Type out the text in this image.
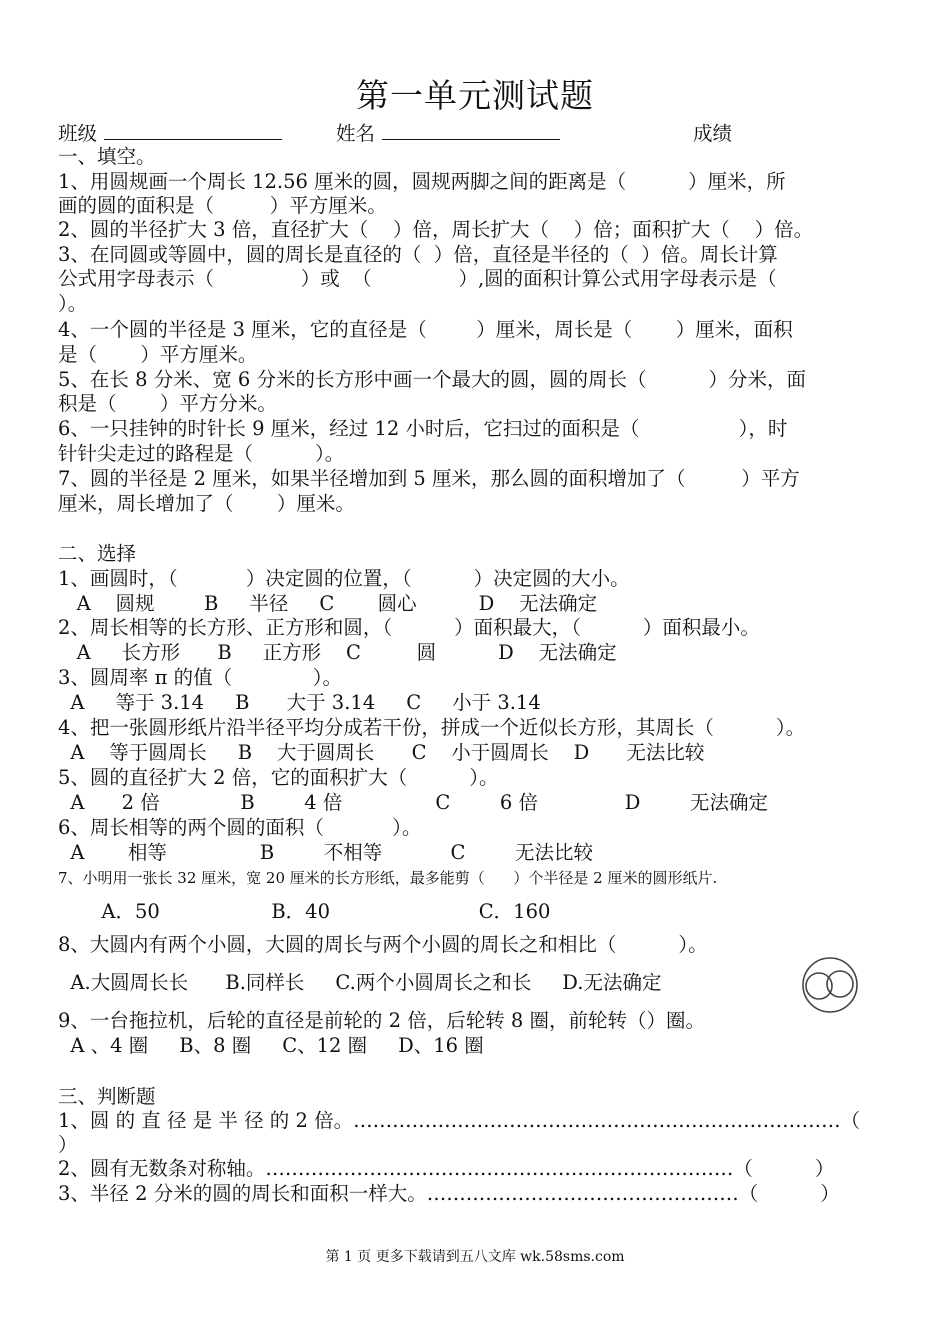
第一单元测试题
班级	姓名	成绩
一、填空。
1、用圆规画一个周长 12.56 厘米的圆，圆规两脚之间的距离是（          ）厘米，所
画的圆的面积是（         ）平方厘米。
2、圆的半径扩大 3 倍，直径扩大（    ）倍，周长扩大（    ）倍；面积扩大（    ）倍。
3、在同圆或等圆中，圆的周长是直径的（  ）倍，直径是半径的（  ）倍。周长计算
公式用字母表示（              ）或  （              ）,圆的面积计算公式用字母表示是（
）。
4、一个圆的半径是 3 厘米，它的直径是（        ）厘米，周长是（       ）厘米，面积
是（       ）平方厘米。
5、在长 8 分米、宽 6 分米的长方形中画一个最大的圆，圆的周长（          ）分米，面
积是（       ）平方分米。
6、一只挂钟的时针长 9 厘米，经过 12 小时后，它扫过的面积是（                ），时
针针尖走过的路程是（          ）。
7、圆的半径是 2 厘米，如果半径增加到 5 厘米，那么圆的面积增加了（         ）平方
厘米，周长增加了（       ）厘米。
二、选择
1、画圆时，（           ）决定圆的位置，（          ）决定圆的大小。
A    圆规        B     半径     C       圆心          D    无法确定
2、周长相等的长方形、正方形和圆，（          ）面积最大，（          ）面积最小。
A     长方形      B     正方形    C         圆          D    无法确定
3、圆周率 π 的值（             ）。
A     等于 3.14     B      大于 3.14     C     小于 3.14
4、把一张圆形纸片沿半径平均分成若干份，拼成一个近似长方形，其周长（          ）。
A    等于圆周长     B    大于圆周长      C    小于圆周长    D      无法比较
5、圆的直径扩大 2 倍，它的面积扩大（          ）。
A      2 倍             B        4 倍               C        6 倍              D        无法确定
6、周长相等的两个圆的面积（           ）。
A       相等               B        不相等           C        无法比较
7、小明用一张长 32 厘米，宽 20 厘米的长方形纸，最多能剪（      ）个半径是 2 厘米的圆形纸片.
A．50                  B．40                        C．160
8、大圆内有两个小圆，大圆的周长与两个小圆的周长之和相比（          ）。
A.大圆周长长      B.同样长     C.两个小圆周长之和长     D.无法确定
9、一台拖拉机，后轮的直径是前轮的 2 倍，后轮转 8 圈，前轮转（）圈。
A 、4 圈     B、8 圈     C、12 圈     D、16 圈
三、判断题
1、圆 的 直 径 是 半 径 的 2 倍。…………………………………………………………………（
）
2、圆有无数条对称轴。………………………………………………………………（          ）
3、半径 2 分米的圆的周长和面积一样大。…………………………………………（          ）
第 1 页 更多下载请到五八文库 wk.58sms.com
